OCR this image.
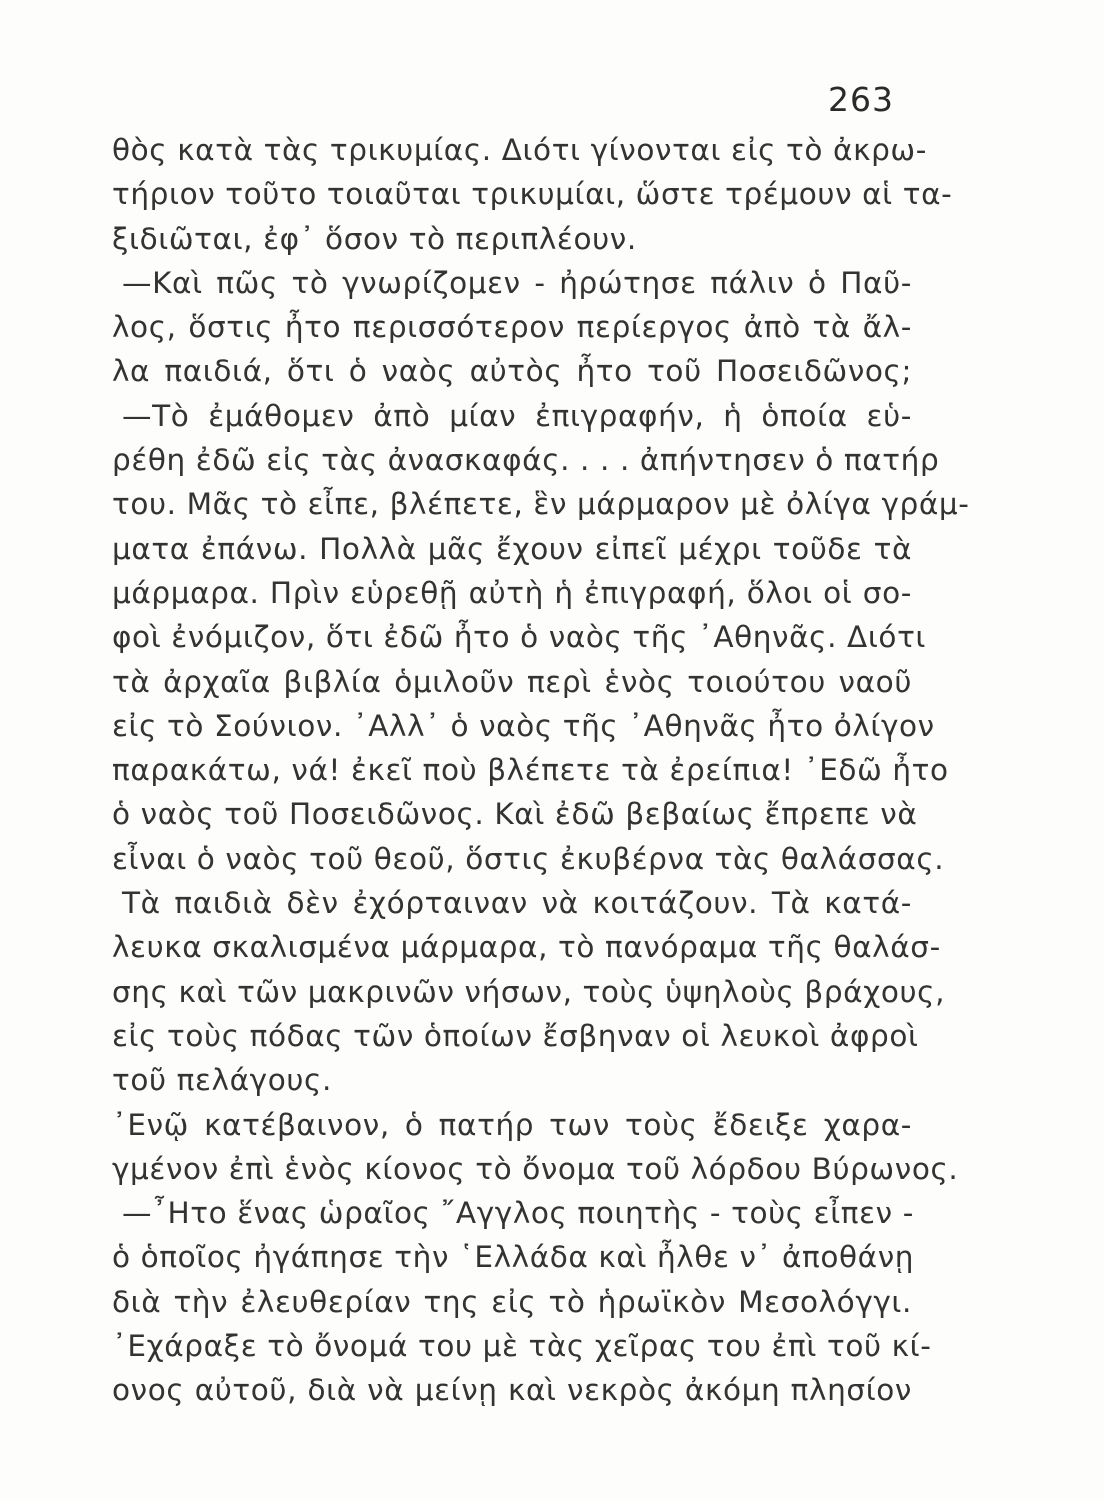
263
θὸς κατὰ τὰς τρικυμίας. Διότι γίνονται εἰς τὸ ἀκρω-
τήριον τοῦτο τοιαῦται τρικυμίαι, ὥστε τρέμουν αἱ τα-
ξιδιῶται, ἐφ᾽ ὅσον τὸ περιπλέουν.
—Καὶ πῶς τὸ γνωρίζομεν - ἠρώτησε πάλιν ὁ Παῦ-
λος, ὅστις ἦτο περισσότερον περίεργος ἀπὸ τὰ ἄλ-
λα παιδιά, ὅτι ὁ ναὸς αὐτὸς ἦτο τοῦ Ποσειδῶνος;
—Τὸ ἐμάθομεν ἀπὸ μίαν ἐπιγραφήν, ἡ ὁποία εὑ-
ρέθη ἐδῶ εἰς τὰς ἀνασκαφάς. . . . ἀπήντησεν ὁ πατήρ
του. Μᾶς τὸ εἶπε, βλέπετε, ἓν μάρμαρον μὲ ὀλίγα γράμ-
ματα ἐπάνω. Πολλὰ μᾶς ἔχουν εἰπεῖ μέχρι τοῦδε τὰ
μάρμαρα. Πρὶν εὑρεθῇ αὐτὴ ἡ ἐπιγραφή, ὅλοι οἱ σο-
φοὶ ἐνόμιζον, ὅτι ἐδῶ ἦτο ὁ ναὸς τῆς ᾽Αθηνᾶς. Διότι
τὰ ἀρχαῖα βιβλία ὁμιλοῦν περὶ ἑνὸς τοιούτου ναοῦ
εἰς τὸ Σούνιον. ᾽Αλλ᾽ ὁ ναὸς τῆς ᾽Αθηνᾶς ἦτο ὀλίγον
παρακάτω, νά! ἐκεῖ ποὺ βλέπετε τὰ ἐρείπια! ᾽Εδῶ ἦτο
ὁ ναὸς τοῦ Ποσειδῶνος. Καὶ ἐδῶ βεβαίως ἔπρεπε νὰ
εἶναι ὁ ναὸς τοῦ θεοῦ, ὅστις ἐκυβέρνα τὰς θαλάσσας.
Τὰ παιδιὰ δὲν ἐχόρταιναν νὰ κοιτάζουν. Τὰ κατά-
λευκα σκαλισμένα μάρμαρα, τὸ πανόραμα τῆς θαλάσ-
σης καὶ τῶν μακρινῶν νήσων, τοὺς ὑψηλοὺς βράχους,
εἰς τοὺς πόδας τῶν ὁποίων ἔσβηναν οἱ λευκοὶ ἀφροὶ
τοῦ πελάγους.
᾽Ενῷ κατέβαινον, ὁ πατήρ των τοὺς ἔδειξε χαρα-
γμένον ἐπὶ ἑνὸς κίονος τὸ ὄνομα τοῦ λόρδου Βύρωνος.
—῏Ητο ἕνας ὡραῖος ῎Αγγλος ποιητὴς - τοὺς εἶπεν -
ὁ ὁποῖος ἠγάπησε τὴν ῾Ελλάδα καὶ ἦλθε ν᾽ ἀποθάνῃ
διὰ τὴν ἐλευθερίαν της εἰς τὸ ἡρωϊκὸν Μεσολόγγι.
᾽Εχάραξε τὸ ὄνομά του μὲ τὰς χεῖρας του ἐπὶ τοῦ κί-
ονος αὐτοῦ, διὰ νὰ μείνῃ καὶ νεκρὸς ἀκόμη πλησίον
